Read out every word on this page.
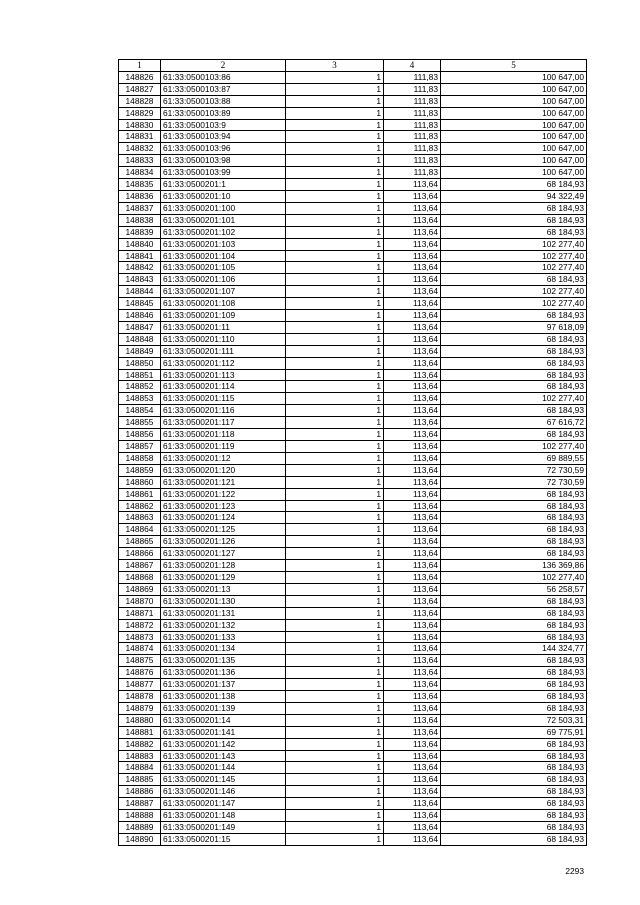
1	2	3	4	5
148826	61:33:0500103:86	1	111,83	100 647,00
148827	61:33:0500103:87	1	111,83	100 647,00
148828	61:33:0500103:88	1	111,83	100 647,00
148829	61:33:0500103:89	1	111,83	100 647,00
148830	61:33:0500103:9	1	111,83	100 647,00
148831	61:33:0500103:94	1	111,83	100 647,00
148832	61:33:0500103:96	1	111,83	100 647,00
148833	61:33:0500103:98	1	111,83	100 647,00
148834	61:33:0500103:99	1	111,83	100 647,00
148835	61:33:0500201:1	1	113,64	68 184,93
148836	61:33:0500201:10	1	113,64	94 322,49
148837	61:33:0500201:100	1	113,64	68 184,93
148838	61:33:0500201:101	1	113,64	68 184,93
148839	61:33:0500201:102	1	113,64	68 184,93
148840	61:33:0500201:103	1	113,64	102 277,40
148841	61:33:0500201:104	1	113,64	102 277,40
148842	61:33:0500201:105	1	113,64	102 277,40
148843	61:33:0500201:106	1	113,64	68 184,93
148844	61:33:0500201:107	1	113,64	102 277,40
148845	61:33:0500201:108	1	113,64	102 277,40
148846	61:33:0500201:109	1	113,64	68 184,93
148847	61:33:0500201:11	1	113,64	97 618,09
148848	61:33:0500201:110	1	113,64	68 184,93
148849	61:33:0500201:111	1	113,64	68 184,93
148850	61:33:0500201:112	1	113,64	68 184,93
148851	61:33:0500201:113	1	113,64	68 184,93
148852	61:33:0500201:114	1	113,64	68 184,93
148853	61:33:0500201:115	1	113,64	102 277,40
148854	61:33:0500201:116	1	113,64	68 184,93
148855	61:33:0500201:117	1	113,64	67 616,72
148856	61:33:0500201:118	1	113,64	68 184,93
148857	61:33:0500201:119	1	113,64	102 277,40
148858	61:33:0500201:12	1	113,64	69 889,55
148859	61:33:0500201:120	1	113,64	72 730,59
148860	61:33:0500201:121	1	113,64	72 730,59
148861	61:33:0500201:122	1	113,64	68 184,93
148862	61:33:0500201:123	1	113,64	68 184,93
148863	61:33:0500201:124	1	113,64	68 184,93
148864	61:33:0500201:125	1	113,64	68 184,93
148865	61:33:0500201:126	1	113,64	68 184,93
148866	61:33:0500201:127	1	113,64	68 184,93
148867	61:33:0500201:128	1	113,64	136 369,86
148868	61:33:0500201:129	1	113,64	102 277,40
148869	61:33:0500201:13	1	113,64	56 258,57
148870	61:33:0500201:130	1	113,64	68 184,93
148871	61:33:0500201:131	1	113,64	68 184,93
148872	61:33:0500201:132	1	113,64	68 184,93
148873	61:33:0500201:133	1	113,64	68 184,93
148874	61:33:0500201:134	1	113,64	144 324,77
148875	61:33:0500201:135	1	113,64	68 184,93
148876	61:33:0500201:136	1	113,64	68 184,93
148877	61:33:0500201:137	1	113,64	68 184,93
148878	61:33:0500201:138	1	113,64	68 184,93
148879	61:33:0500201:139	1	113,64	68 184,93
148880	61:33:0500201:14	1	113,64	72 503,31
148881	61:33:0500201:141	1	113,64	69 775,91
148882	61:33:0500201:142	1	113,64	68 184,93
148883	61:33:0500201:143	1	113,64	68 184,93
148884	61:33:0500201:144	1	113,64	68 184,93
148885	61:33:0500201:145	1	113,64	68 184,93
148886	61:33:0500201:146	1	113,64	68 184,93
148887	61:33:0500201:147	1	113,64	68 184,93
148888	61:33:0500201:148	1	113,64	68 184,93
148889	61:33:0500201:149	1	113,64	68 184,93
148890	61:33:0500201:15	1	113,64	68 184,93
2293
